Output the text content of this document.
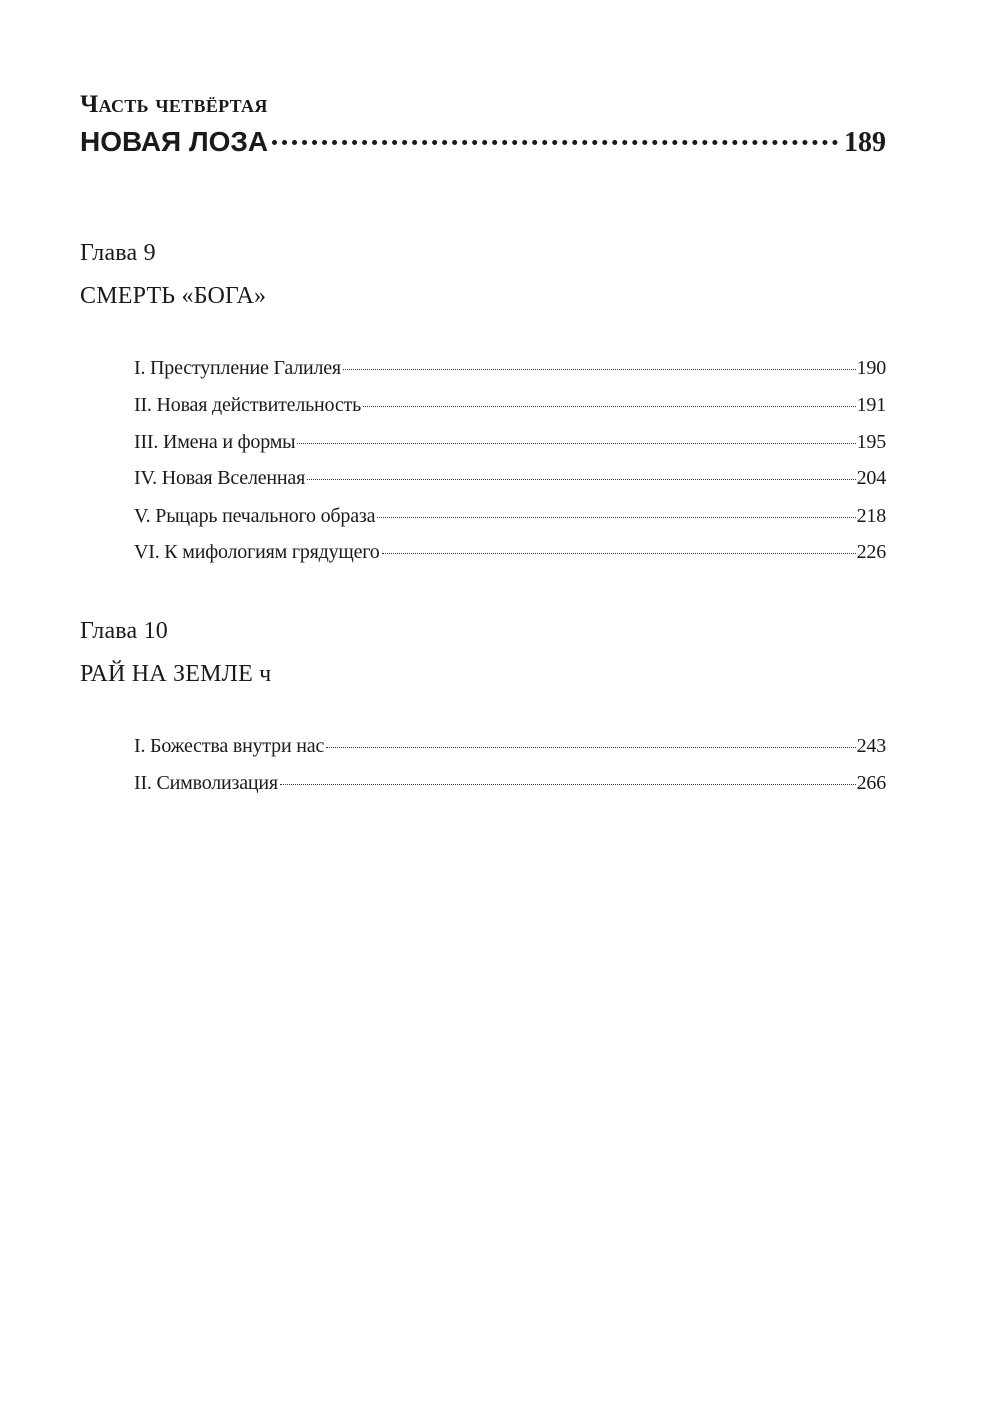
Часть четвёртая
НОВАЯ ЛОЗА	189
Глава 9
СМЕРТЬ «БОГА»
I. Преступление Галилея	190
II. Новая действительность	191
III. Имена и формы	195
IV. Новая Вселенная	204
V. Рыцарь печального образа	218
VI. К мифологиям грядущего	226
Глава 10
РАЙ НА ЗЕМЛЕ ч
I. Божества внутри нас	243
II. Символизация	266
